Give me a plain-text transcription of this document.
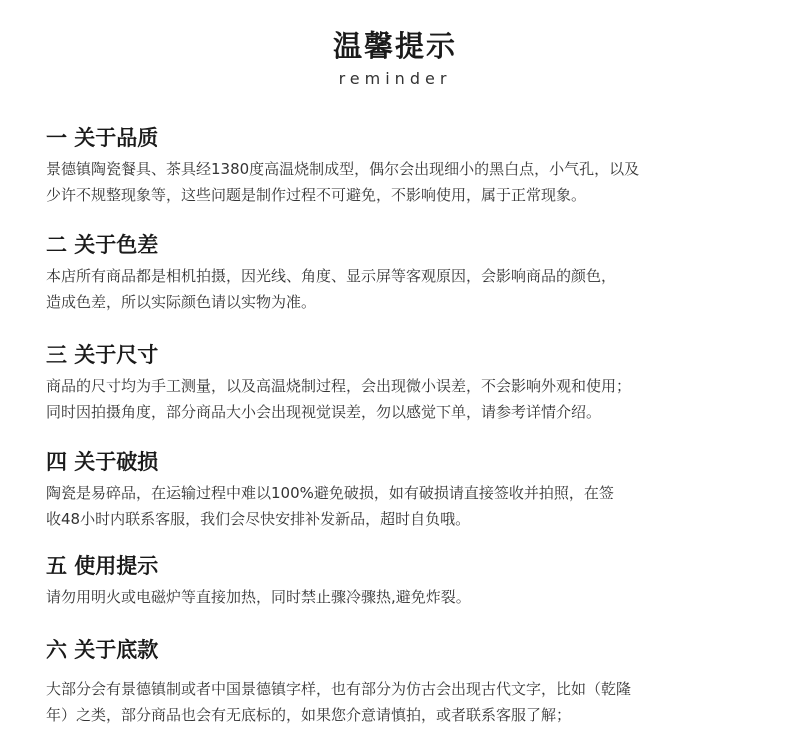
温馨提示
reminder
一 关于品质
景德镇陶瓷餐具、茶具经1380度高温烧制成型，偶尔会出现细小的黑白点，小气孔，以及
少许不规整现象等，这些问题是制作过程不可避免，不影响使用，属于正常现象。
二 关于色差
本店所有商品都是相机拍摄，因光线、角度、显示屏等客观原因，会影响商品的颜色，
造成色差，所以实际颜色请以实物为准。
三 关于尺寸
商品的尺寸均为手工测量，以及高温烧制过程，会出现微小误差，不会影响外观和使用；
同时因拍摄角度，部分商品大小会出现视觉误差，勿以感觉下单，请参考详情介绍。
四 关于破损
陶瓷是易碎品，在运输过程中难以100%避免破损，如有破损请直接签收并拍照，在签
收48小时内联系客服，我们会尽快安排补发新品，超时自负哦。
五 使用提示
请勿用明火或电磁炉等直接加热，同时禁止骤冷骤热,避免炸裂。
六 关于底款
大部分会有景德镇制或者中国景德镇字样，也有部分为仿古会出现古代文字，比如（乾隆
年）之类，部分商品也会有无底标的，如果您介意请慎拍，或者联系客服了解；
